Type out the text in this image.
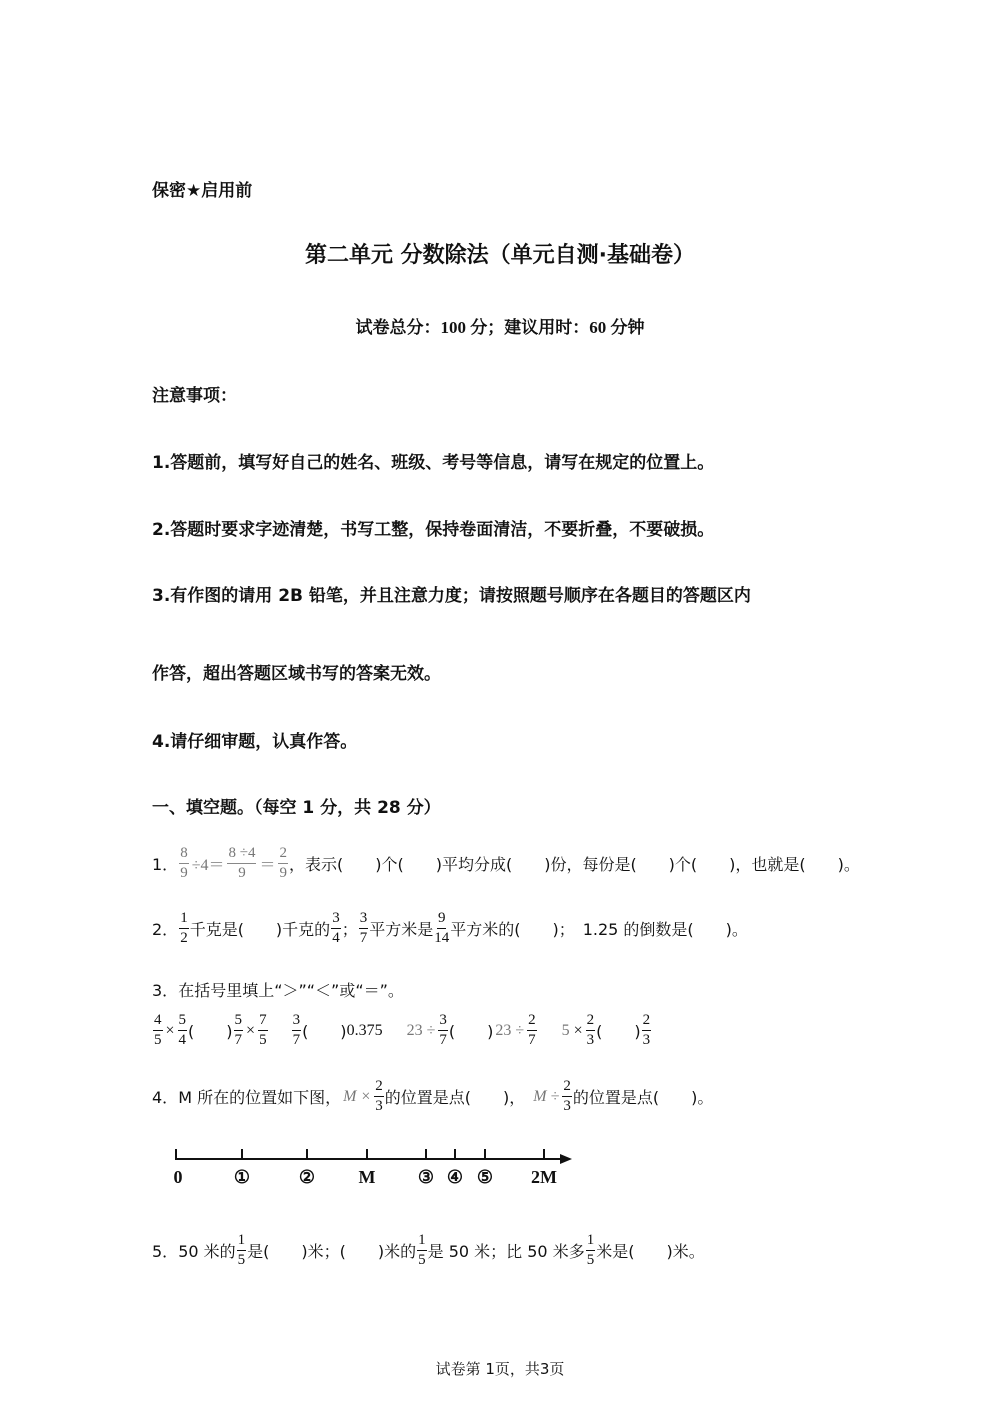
保密★启用前
第二单元 分数除法（单元自测·基础卷）
试卷总分：100 分；建议用时：60 分钟
注意事项：
1.答题前，填写好自己的姓名、班级、考号等信息，请写在规定的位置上。
2.答题时要求字迹清楚，书写工整，保持卷面清洁，不要折叠，不要破损。
3.有作图的请用 2B 铅笔，并且注意力度；请按照题号顺序在各题目的答题区内
作答，超出答题区域书写的答案无效。
4.请仔细审题，认真作答。
一、填空题。（每空 1 分，共 28 分）
1． $\frac{8}{9} \div 4= \frac{8 \div 4}{9} = \frac{2}{9}$ ，表示(　　)个(　　)平均分成(　　)份，每份是(　　)个(　　)，也就是(　　)。
2． $\frac{1}{2}$ 千克是(　　)千克的 $\frac{3}{4}$ ； $\frac{3}{7}$ 平方米是 $\frac{9}{14}$ 平方米的(　　)； 1.25 的倒数是(　　)。
3． 在括号里填上“＞”“＜”或“＝”。
$\frac{4}{5} \times \frac{5}{4}$ (　　) $\frac{5}{7} \times \frac{7}{5} \frac{3}{7}$ (　　) 0.375 $23 \div \frac{3}{7}$ (　　) $23 \div \frac{2}{7} 5 \times \frac{2}{3}$ (　　) $\frac{2}{3}$
4． M 所在的位置如下图， $M \times \frac{2}{3}$ 的位置是点(　　)， $M \div \frac{2}{3}$ 的位置是点(　　)。
0	①	② M ③ ④ ⑤ 2M
5． 50 米的 $\frac{1}{5}$ 是(　　)米；(　　)米的 $\frac{1}{5}$ 是 50 米；比 50 米多 $\frac{1}{5}$ 米是(　　)米。
试卷第 1页，共3页
